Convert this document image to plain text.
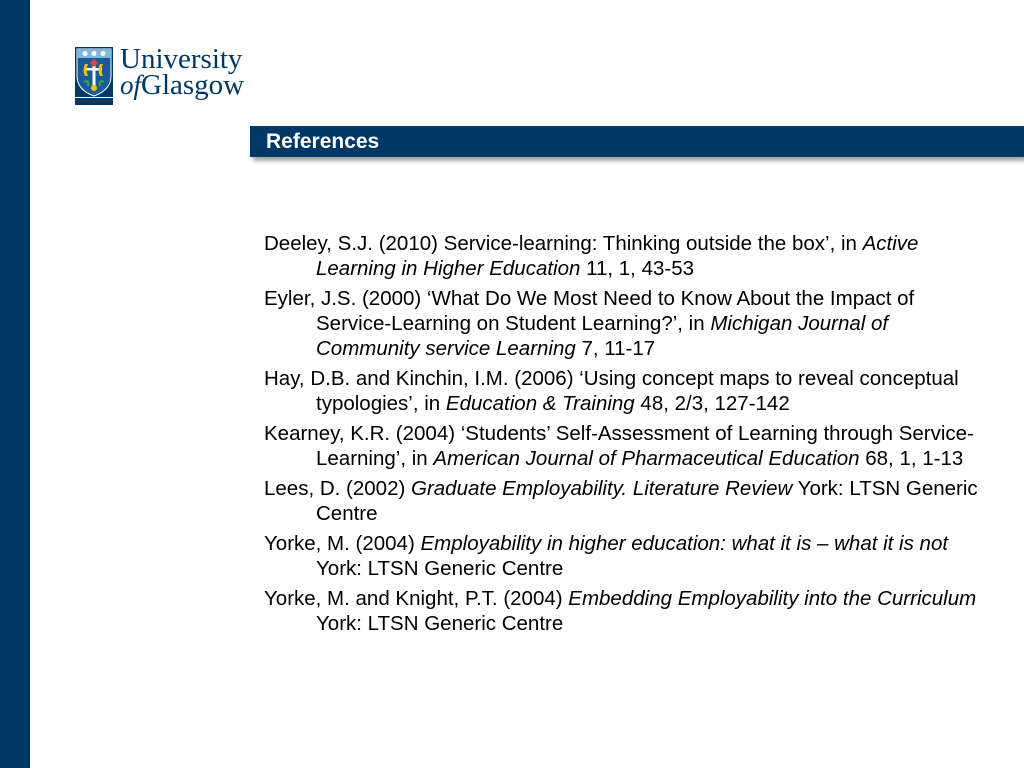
University
ofGlasgow
References
Deeley, S.J. (2010) Service-learning: Thinking outside the box’, in Active Learning in Higher Education 11, 1, 43-53
Eyler, J.S. (2000) ‘What Do We Most Need to Know About the Impact of Service-Learning on Student Learning?’, in Michigan Journal of Community service Learning 7, 11-17
Hay, D.B. and Kinchin, I.M. (2006) ‘Using concept maps to reveal conceptual typologies’, in Education & Training 48, 2/3, 127-142
Kearney, K.R. (2004) ‘Students’ Self-Assessment of Learning through Service-Learning’, in American Journal of Pharmaceutical Education 68, 1, 1-13
Lees, D. (2002) Graduate Employability. Literature Review York: LTSN Generic Centre
Yorke, M. (2004) Employability in higher education: what it is – what it is not York: LTSN Generic Centre
Yorke, M. and Knight, P.T. (2004) Embedding Employability into the Curriculum York: LTSN Generic Centre
